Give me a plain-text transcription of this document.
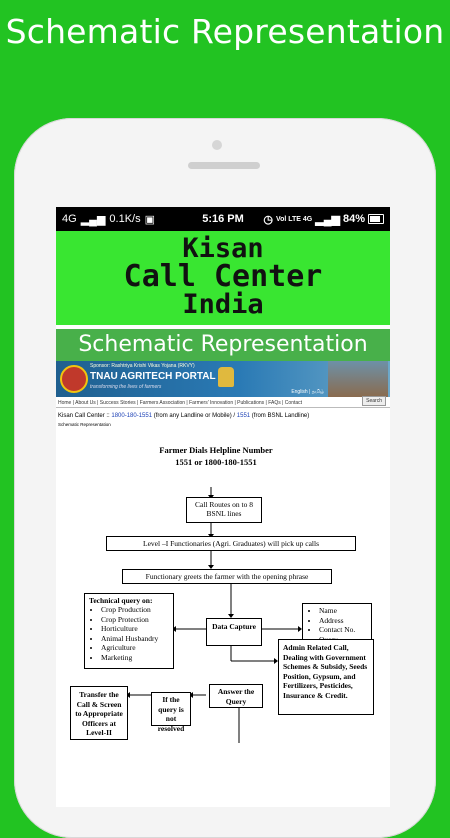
Schematic Representation
4G ▂▄▆ 0.1K/s ▣	5:16 PM	◷ Vol LTE 4G ▂▄▆ 84%
Kisan
Call Center
India
Schematic Representation
Sponsor: Rashtriya Krishi Vikas Yojana (RKVY)
TNAU AGRITECH PORTAL
transforming the lives of farmers
English | தமிழ்
Home | About Us | Success Stories | Farmers Association | Farmers' Innovation | Publications | FAQs | Contact	Search
Kisan Call Center :: 1800-180-1551 (from any Landline or Mobile) / 1551 (from BSNL Landline)
Schematic Representation
Farmer Dials Helpline Number
1551 or 1800-180-1551
Call Routes on to 8 BSNL lines
Level –I Functionaries (Agri. Graduates) will pick up calls
Functionary greets the farmer with the opening phrase
Technical query on:
• Crop Production
• Crop Protection
• Horticulture
• Animal Husbandry
• Agriculture
• Marketing
Data Capture
• Name
• Address
• Contact No.
•
Admin Related Call, Dealing with Government Schemes & Subsidy, Seeds Position, Gypsum, and Fertilizers, Pesticides, Insurance & Credit.
Transfer the Call & Screen to Appropriate Officers at Level-II
If the query is not resolved
Answer the Query
